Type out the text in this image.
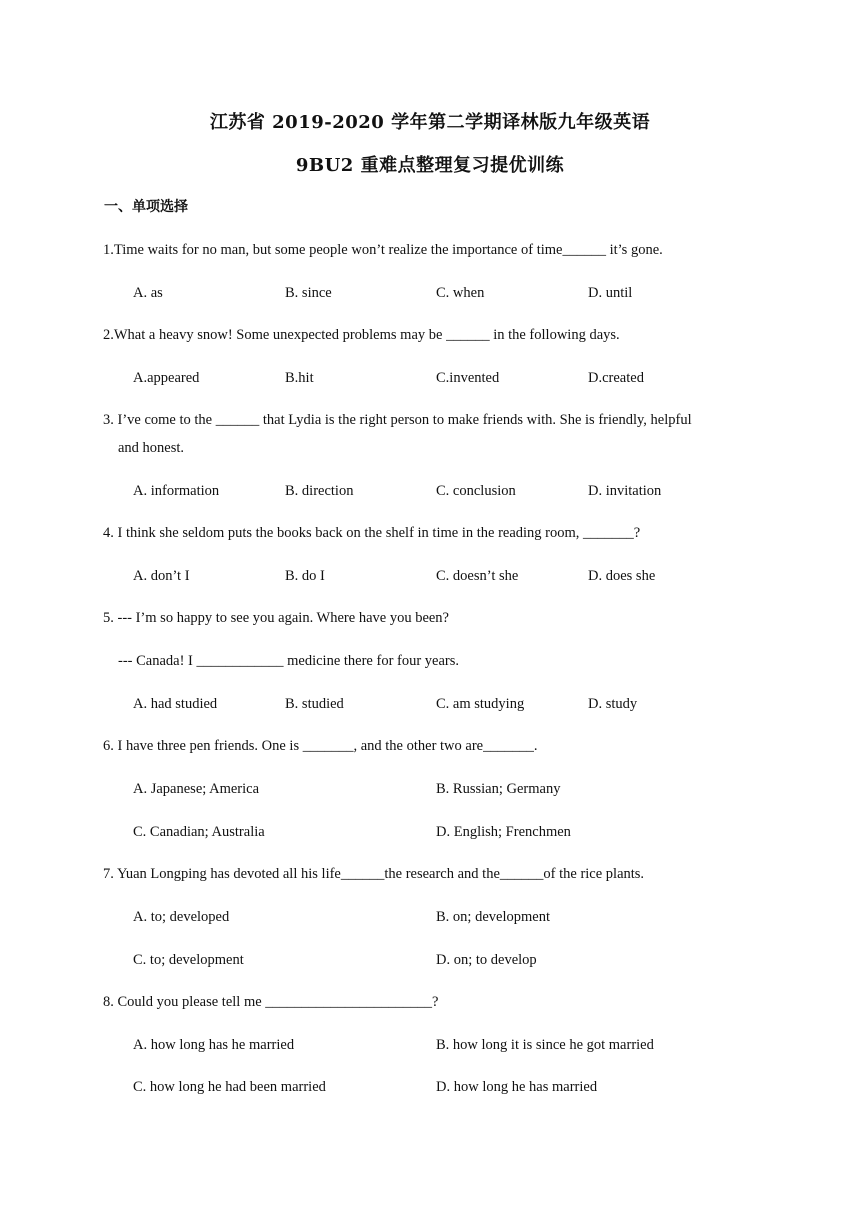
江苏省 2019-2020 学年第二学期译林版九年级英语
9BU2 重难点整理复习提优训练
一、单项选择
1.Time waits for no man, but some people won’t realize the importance of time______ it’s gone.
A. as	B. since	C. when	D. until
2.What a heavy snow! Some unexpected problems may be ______ in the following days.
A.appeared	B.hit	C.invented	D.created
3. I’ve come to the ______ that Lydia is the right person to make friends with. She is friendly, helpful
and honest.
A. information	B. direction	C. conclusion	D. invitation
4. I think she seldom puts the books back on the shelf in time in the reading room, _______?
A. don’t I	B. do I	C. doesn’t she	D. does she
5. --- I’m so happy to see you again. Where have you been?
--- Canada! I ____________ medicine there for four years.
A. had studied	B. studied	C. am studying	D. study
6. I have three pen friends. One is _______, and the other two are_______.
A. Japanese; America	B. Russian; Germany
C. Canadian; Australia	D. English; Frenchmen
7. Yuan Longping has devoted all his life______the research and the______of the rice plants.
A. to; developed	B. on; development
C. to; development	D. on; to develop
8. Could you please tell me _______________________?
A. how long has he married	B. how long it is since he got married
C. how long he had been married	D. how long he has married
